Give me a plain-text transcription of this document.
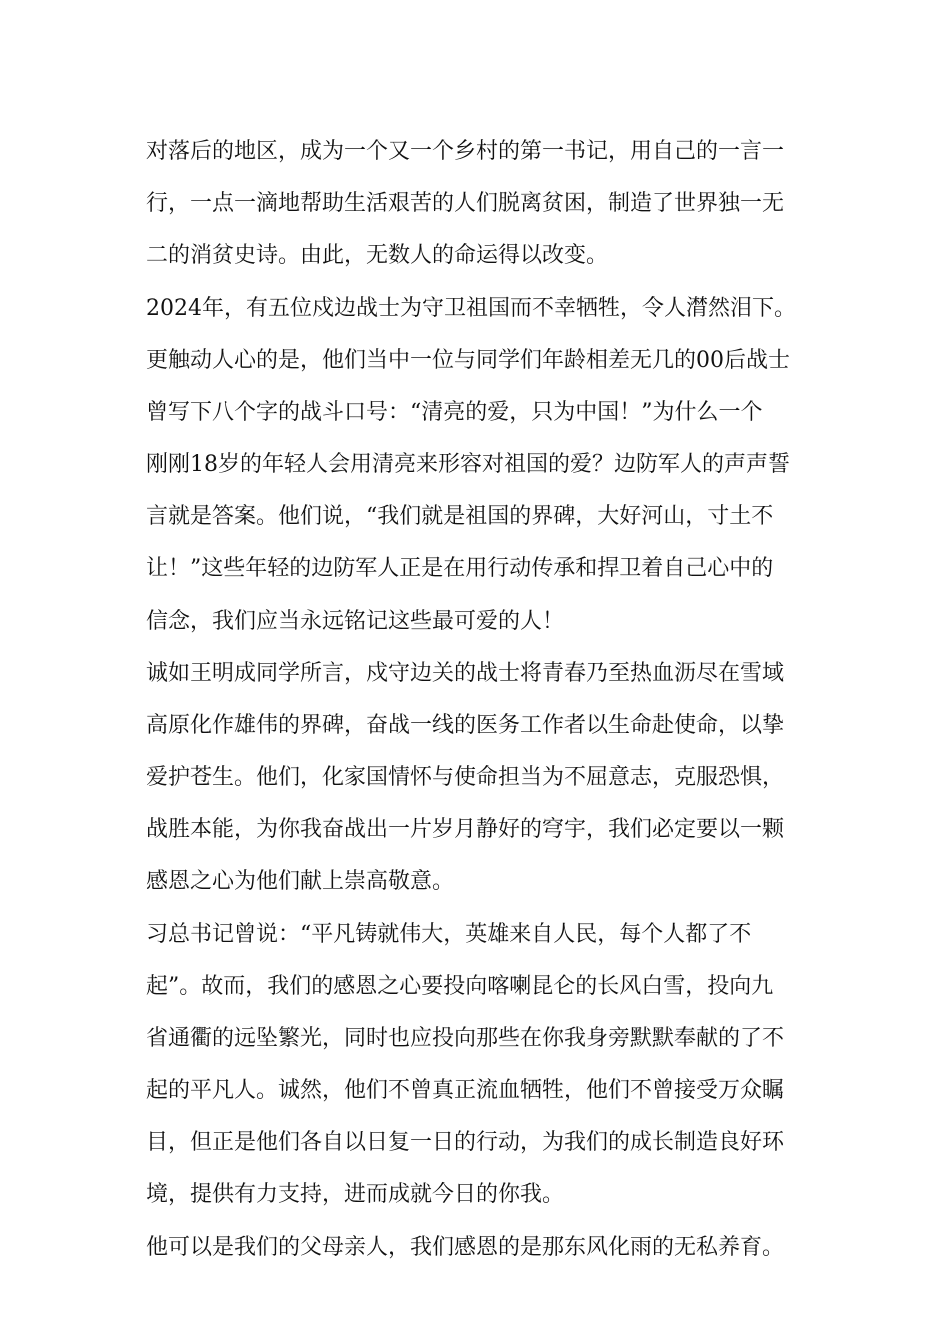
对落后的地区，成为一个又一个乡村的第一书记，用自己的一言一
行，一点一滴地帮助生活艰苦的人们脱离贫困，制造了世界独一无
二的消贫史诗。由此，无数人的命运得以改变。
2024年，有五位戍边战士为守卫祖国而不幸牺牲，令人潸然泪下。
更触动人心的是，他们当中一位与同学们年龄相差无几的00后战士
曾写下八个字的战斗口号：“清亮的爱，只为中国！”为什么一个
刚刚18岁的年轻人会用清亮来形容对祖国的爱？边防军人的声声誓
言就是答案。他们说，“我们就是祖国的界碑，大好河山，寸土不
让！”这些年轻的边防军人正是在用行动传承和捍卫着自己心中的
信念，我们应当永远铭记这些最可爱的人！
诚如王明成同学所言，戍守边关的战士将青春乃至热血沥尽在雪域
高原化作雄伟的界碑，奋战一线的医务工作者以生命赴使命，以挚
爱护苍生。他们，化家国情怀与使命担当为不屈意志，克服恐惧，
战胜本能，为你我奋战出一片岁月静好的穹宇，我们必定要以一颗
感恩之心为他们献上崇高敬意。
习总书记曾说：“平凡铸就伟大，英雄来自人民，每个人都了不
起”。故而，我们的感恩之心要投向喀喇昆仑的长风白雪，投向九
省通衢的远坠繁光，同时也应投向那些在你我身旁默默奉献的了不
起的平凡人。诚然，他们不曾真正流血牺牲，他们不曾接受万众瞩
目，但正是他们各自以日复一日的行动，为我们的成长制造良好环
境，提供有力支持，进而成就今日的你我。
他可以是我们的父母亲人，我们感恩的是那东风化雨的无私养育。
